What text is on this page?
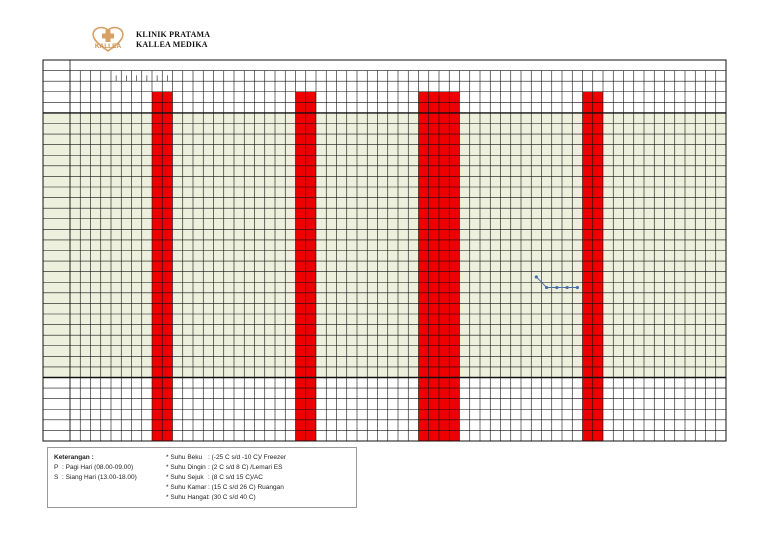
KALLEA
KLINIK PRATAMA
KALLEA MEDIKA
Keterangan :
P : Pagi Hari (08.00-09.00)
S : Siang Hari (13.00-18.00)
* Suhu Beku : (-25 C s/d -10 C)/ Freezer
* Suhu Dingin : (2 C s/d 8 C) /Lemari ES
* Suhu Sejuk : (8 C s/d 15 C)/AC
* Suhu Kamar : (15 C s/d 26 C) Ruangan
* Suhu Hangat: (30 C s/d 40 C)
